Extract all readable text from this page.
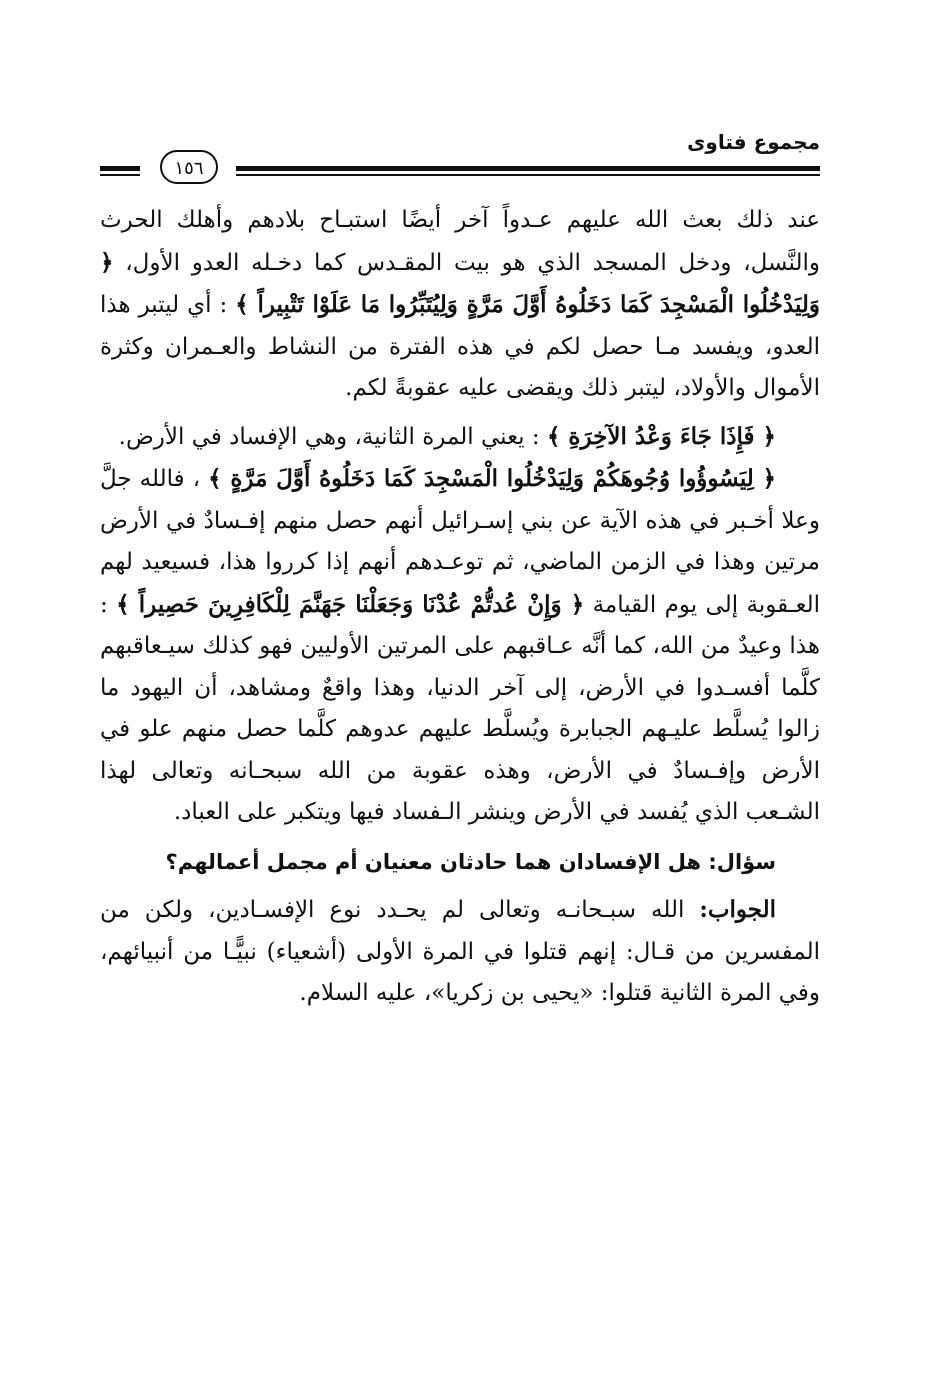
مجموع فتاوى
١٥٦

عند ذلك بعث الله عليهم عـدواً آخر أيضًا استبـاح بلادهم وأهلك الحرث والنَّسل، ودخل المسجد الذي هو بيت المقـدس كما دخـله العدو الأول، ﴿ وَلِيَدْخُلُوا الْمَسْجِدَ كَمَا دَخَلُوهُ أَوَّلَ مَرَّةٍ وَلِيُتَبِّرُوا مَا عَلَوْا تَتْبِيراً ﴾ : أي ليتبر هذا العدو، ويفسد مـا حصل لكم في هذه الفترة من النشاط والعـمران وكثرة الأموال والأولاد، ليتبر ذلك ويقضى عليه عقوبةً لكم.

﴿ فَإِذَا جَاءَ وَعْدُ الآخِرَةِ ﴾ : يعني المرة الثانية، وهي الإفساد في الأرض.

﴿ لِيَسُوؤُوا وُجُوهَكُمْ وَلِيَدْخُلُوا الْمَسْجِدَ كَمَا دَخَلُوهُ أَوَّلَ مَرَّةٍ ﴾ ، فالله جلَّ وعلا أخـبر في هذه الآية عن بني إسـرائيل أنهم حصل منهم إفـسادٌ في الأرض مرتين وهذا في الزمن الماضي، ثم توعـدهم أنهم إذا كرروا هذا، فسيعيد لهم العـقوبة إلى يوم القيامة ﴿ وَإِنْ عُدتُّمْ عُدْنَا وَجَعَلْنَا جَهَنَّمَ لِلْكَافِرِينَ حَصِيراً ﴾ : هذا وعيدٌ من الله، كما أنَّه عـاقبهم على المرتين الأوليين فهو كذلك سيـعاقبهم كلَّما أفسـدوا في الأرض، إلى آخر الدنيا، وهذا واقعٌ ومشاهد، أن اليهود ما زالوا يُسلَّط عليـهم الجبابرة ويُسلَّط عليهم عدوهم كلَّما حصل منهم علو في الأرض وإفـسادٌ في الأرض، وهذه عقوبة من الله سبحـانه وتعالى لهذا الشـعب الذي يُفسد في الأرض وينشر الـفساد فيها ويتكبر على العباد.

سؤال: هل الإفسادان هما حادثان معنيان أم مجمل أعمالهم؟

الجواب: الله سبـحانـه وتعالى لم يحـدد نوع الإفسـادين، ولكن من المفسرين من قـال: إنهم قتلوا في المرة الأولى (أشعياء) نبيًّـا من أنبيائهم، وفي المرة الثانية قتلوا: «يحيى بن زكريا»، عليه السلام.
